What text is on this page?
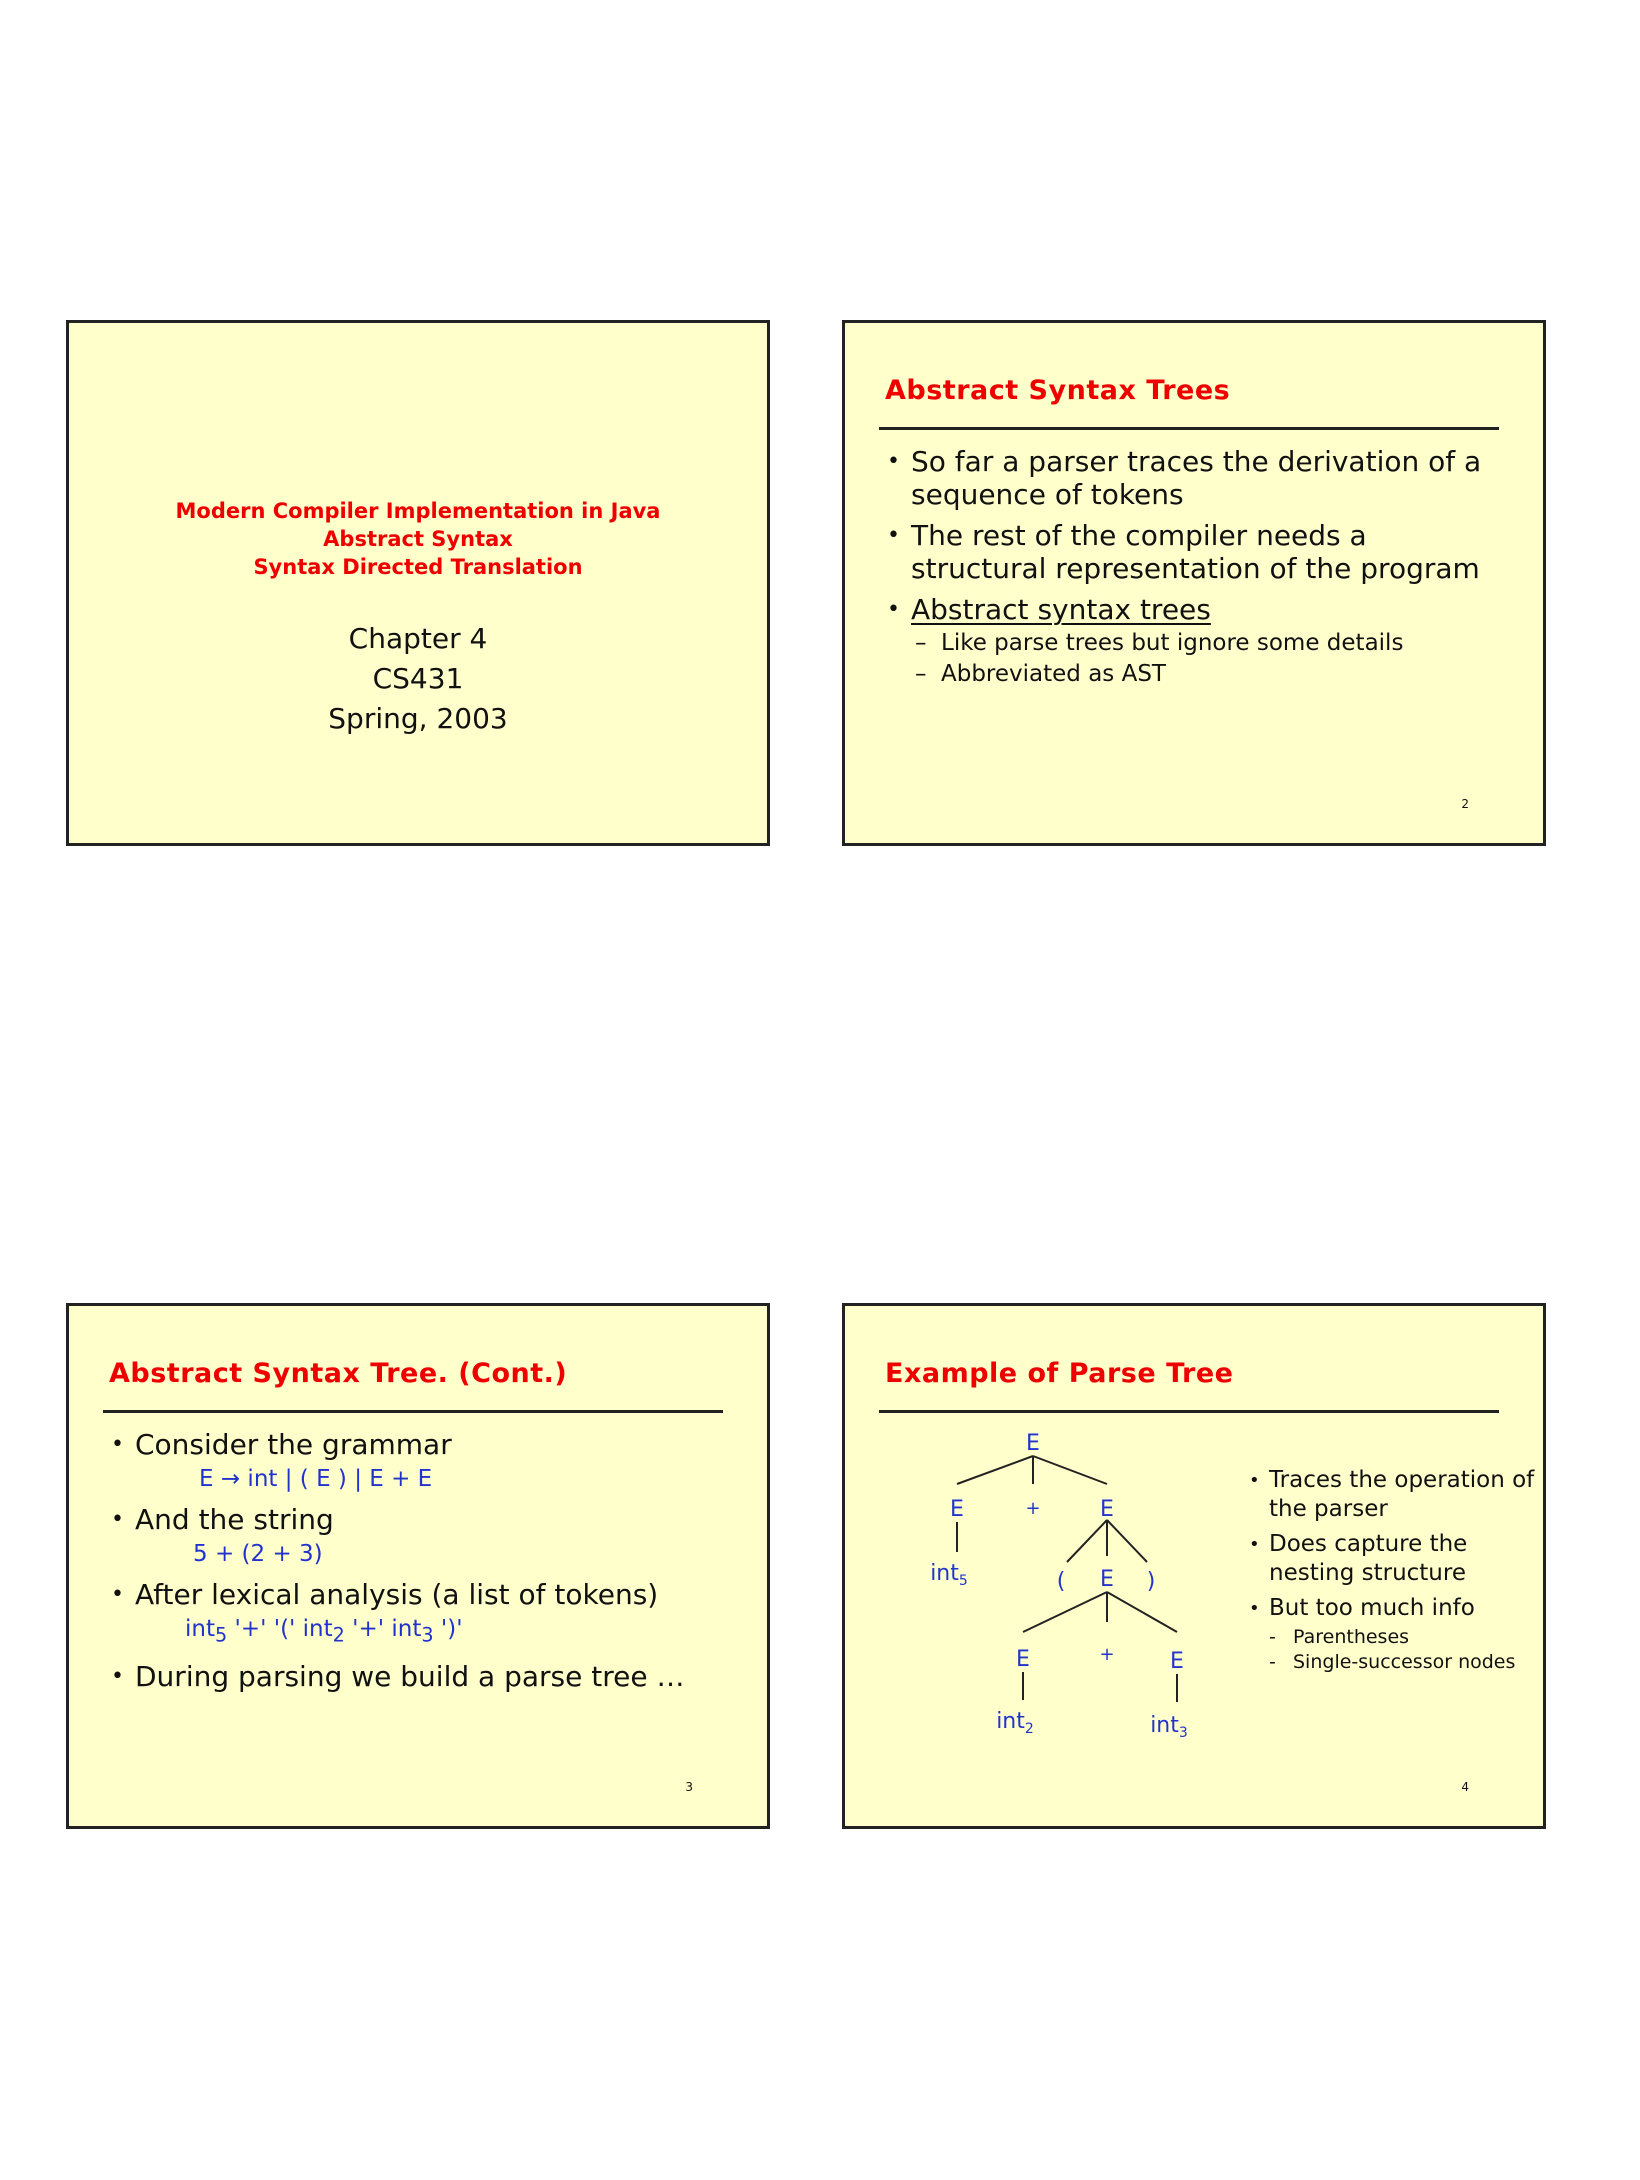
Modern Compiler Implementation in Java
Abstract Syntax
Syntax Directed Translation
Chapter 4
CS431
Spring, 2003
Abstract Syntax Trees
• So far a parser traces the derivation of a sequence of tokens
• The rest of the compiler needs a structural representation of the program
• Abstract syntax trees
– Like parse trees but ignore some details
– Abbreviated as AST
2
Abstract Syntax Tree. (Cont.)
• Consider the grammar
E → int | ( E ) | E + E
• And the string
5 + (2 + 3)
• After lexical analysis (a list of tokens)
int$_5$ '+' '(' int$_2$ '+' int$_3$ ')'
• During parsing we build a parse tree …
3
Example of Parse Tree
E
E	+	E
int$_5$	( E )
E	+	E
int$_2$	int$_3$
• Traces the operation of the parser
• Does capture the nesting structure
• But too much info
- Parentheses
- Single-successor nodes
4
